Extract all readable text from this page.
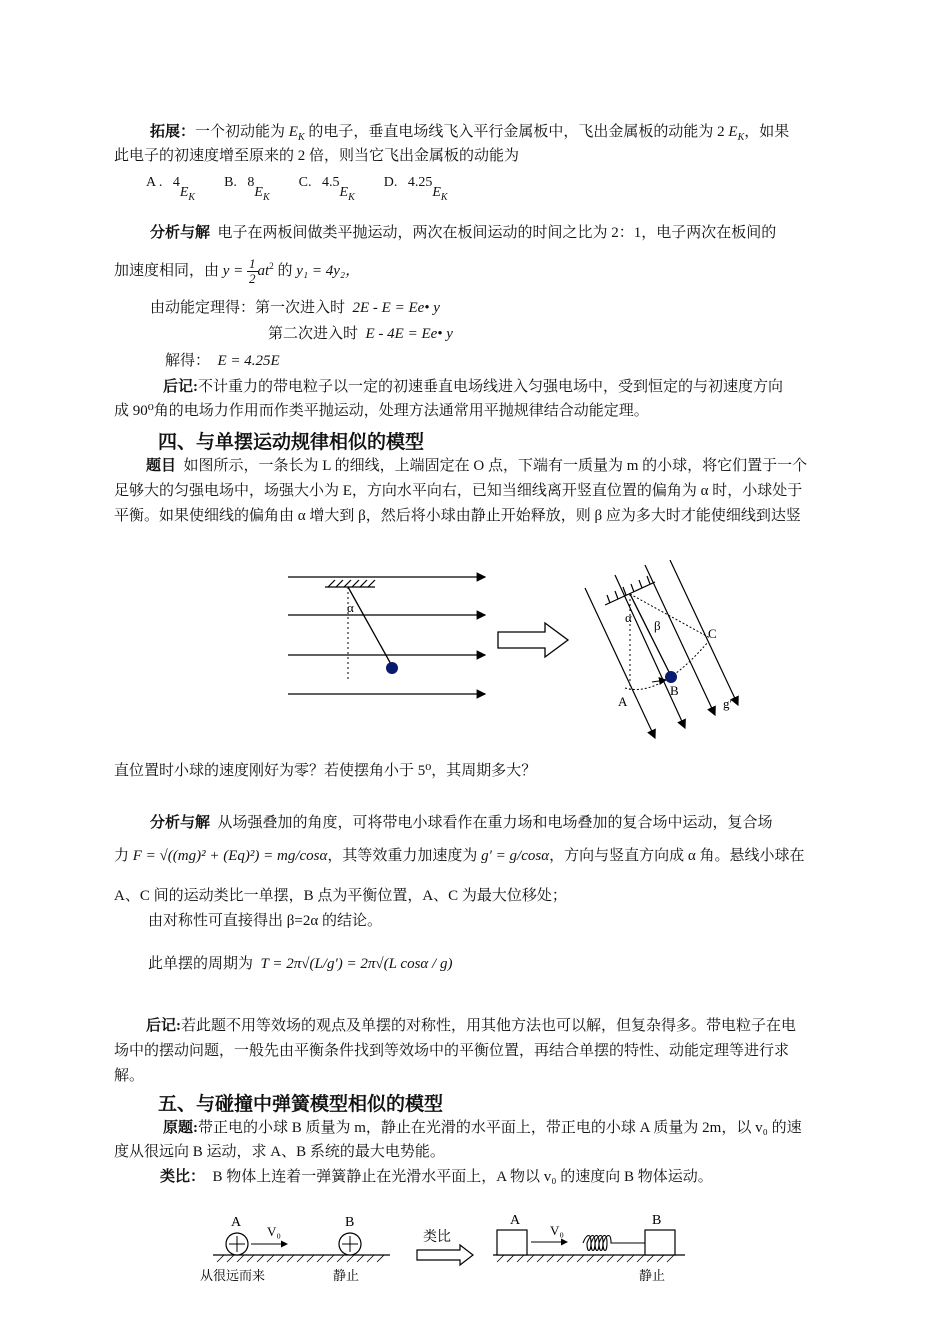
拓展：一个初动能为 $E_K$ 的电子，垂直电场线飞入平行金属板中，飞出金属板的动能为 2 $E_K$，如果
此电子的初速度增至原来的 2 倍，则当它飞出金属板的动能为
A . $4E_K$  B. $8E_K$  C. $4.5E_K$  D. $4.25E_K$
分析与解 电子在两板间做类平抛运动，两次在板间运动的时间之比为 2：1，电子两次在板间的
加速度相同，由 $y = \frac{1}{2} at^2$ 的 y₁ = 4y₂，
由动能定理得：第一次进入时 2E - E = Ee• y
第二次进入时 E - 4E = Ee• y
解得： E = 4.25E
后记:不计重力的带电粒子以一定的初速垂直电场线进入匀强电场中，受到恒定的与初速度方向
成 90⁰角的电场力作用而作类平抛运动，处理方法通常用平抛规律结合动能定理。
四、与单摆运动规律相似的模型
题目 如图所示，一条长为 L 的细线，上端固定在 O 点，下端有一质量为 m 的小球，将它们置于一个
足够大的匀强电场中，场强大小为 E，方向水平向右，已知当细线离开竖直位置的偏角为 α 时，小球处于
平衡。如果使细线的偏角由 α 增大到 β，然后将小球由静止开始释放，则 β 应为多大时才能使细线到达竖
α
α
β
C
A
B
g′
直位置时小球的速度刚好为零？若使摆角小于 5⁰，其周期多大？
分析与解 从场强叠加的角度，可将带电小球看作在重力场和电场叠加的复合场中运动，复合场
力 F = √((mg)² + (Eq)²) = mg/cosα，其等效重力加速度为 g′ = g/cosα，方向与竖直方向成 α 角。悬线小球在
A、C 间的运动类比一单摆，B 点为平衡位置，A、C 为最大位移处；
由对称性可直接得出 β=2α 的结论。
此单摆的周期为 T = 2π√(L/g′) = 2π√(L cosα / g)
后记:若此题不用等效场的观点及单摆的对称性，用其他方法也可以解，但复杂得多。带电粒子在电
场中的摆动问题，一般先由平衡条件找到等效场中的平衡位置，再结合单摆的特性、动能定理等进行求
解。
五、与碰撞中弹簧模型相似的模型
原题:带正电的小球 B 质量为 m，静止在光滑的水平面上，带正电的小球 A 质量为 2m，以 v₀ 的速
度从很远向 B 运动，求 A、B 系统的最大电势能。
类比： B 物体上连着一弹簧静止在光滑水平面上，A 物以 v₀ 的速度向 B 物体运动。
A
V₀
B
从很远而来	静止
类比
A
V₀
B
静止
